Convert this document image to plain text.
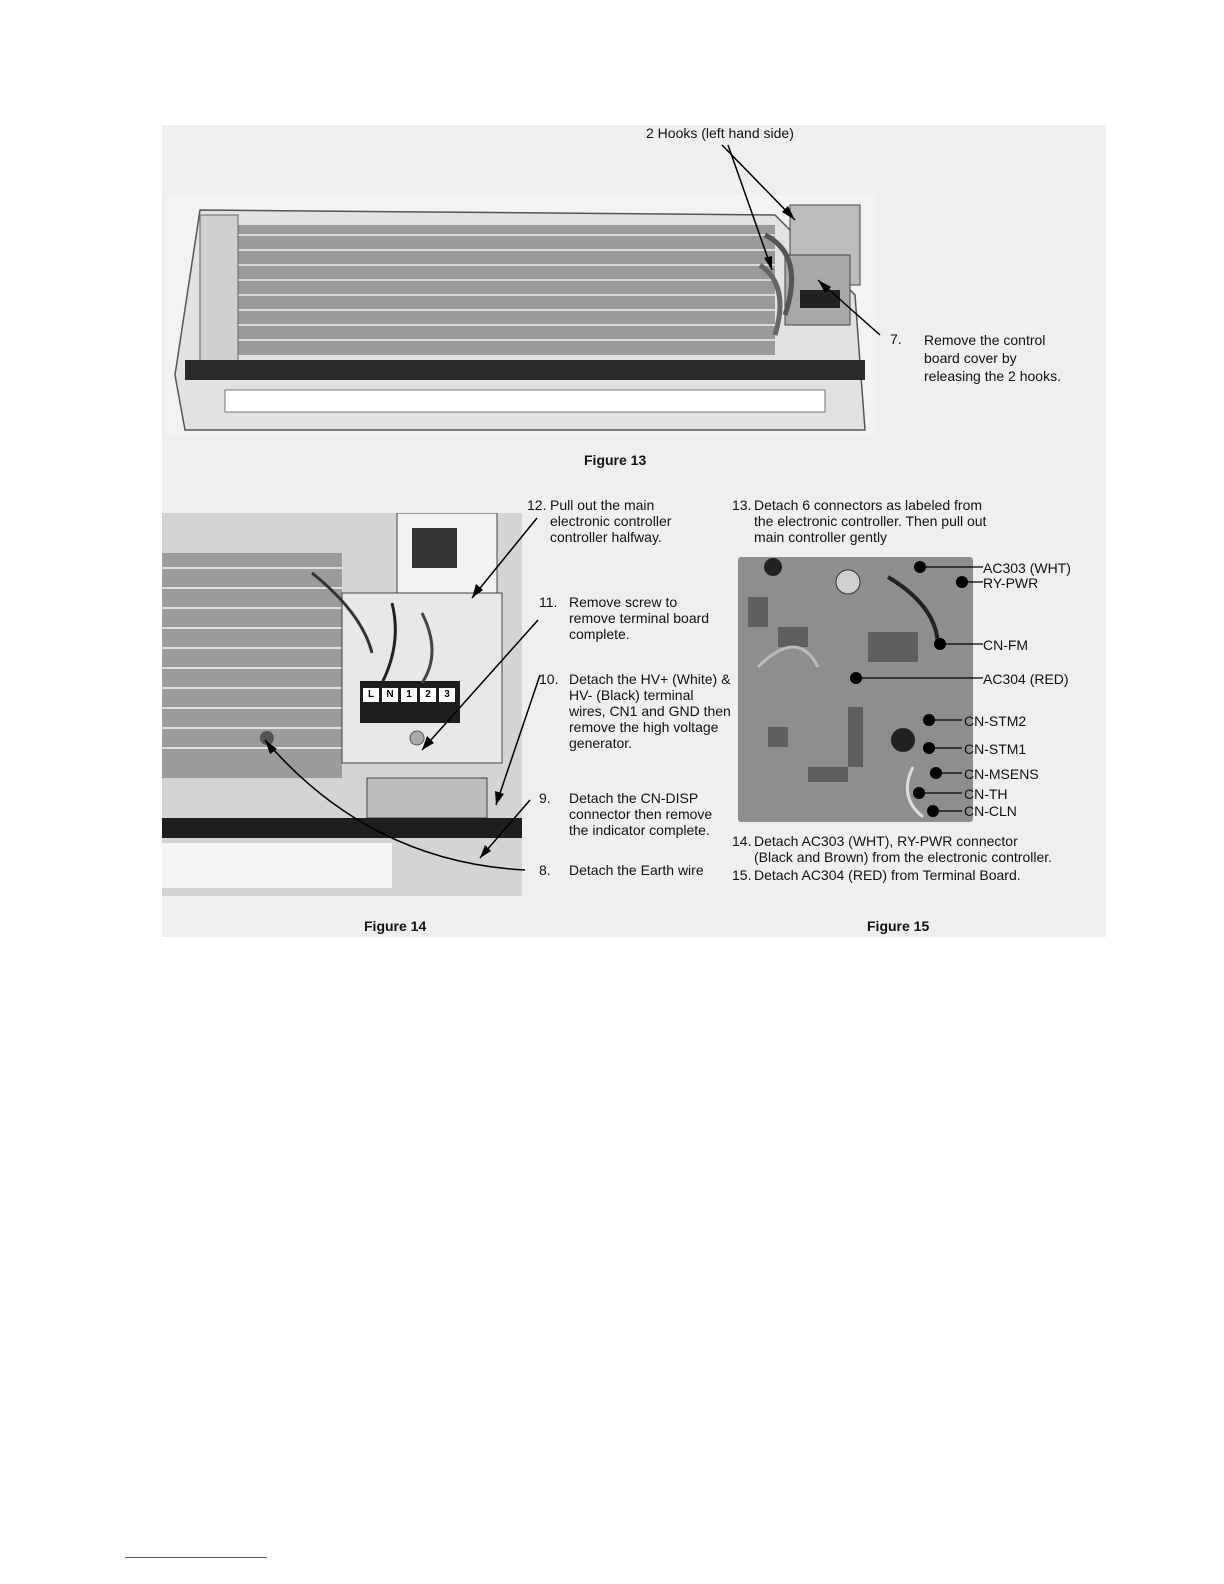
2 Hooks (left hand side)
7. Remove the control
board cover by
releasing the 2 hooks.
Figure 13
L	N	1	2	3
12. Pull out the main
electronic controller
controller halfway.
11. Remove screw to
remove terminal board
complete.
10. Detach the HV+ (White) &
HV- (Black) terminal
wires, CN1 and GND then
remove the high voltage
generator.
9. Detach the CN-DISP
connector then remove
the indicator complete.
8. Detach the Earth wire
Figure 14
13. Detach 6 connectors as labeled from
the electronic controller. Then pull out
main controller gently
AC303 (WHT)
RY-PWR
CN-FM
AC304 (RED)
CN-STM2
CN-STM1
CN-MSENS
CN-TH
CN-CLN
14. Detach AC303 (WHT), RY-PWR connector
(Black and Brown) from the electronic controller.
15. Detach AC304 (RED) from Terminal Board.
Figure 15
